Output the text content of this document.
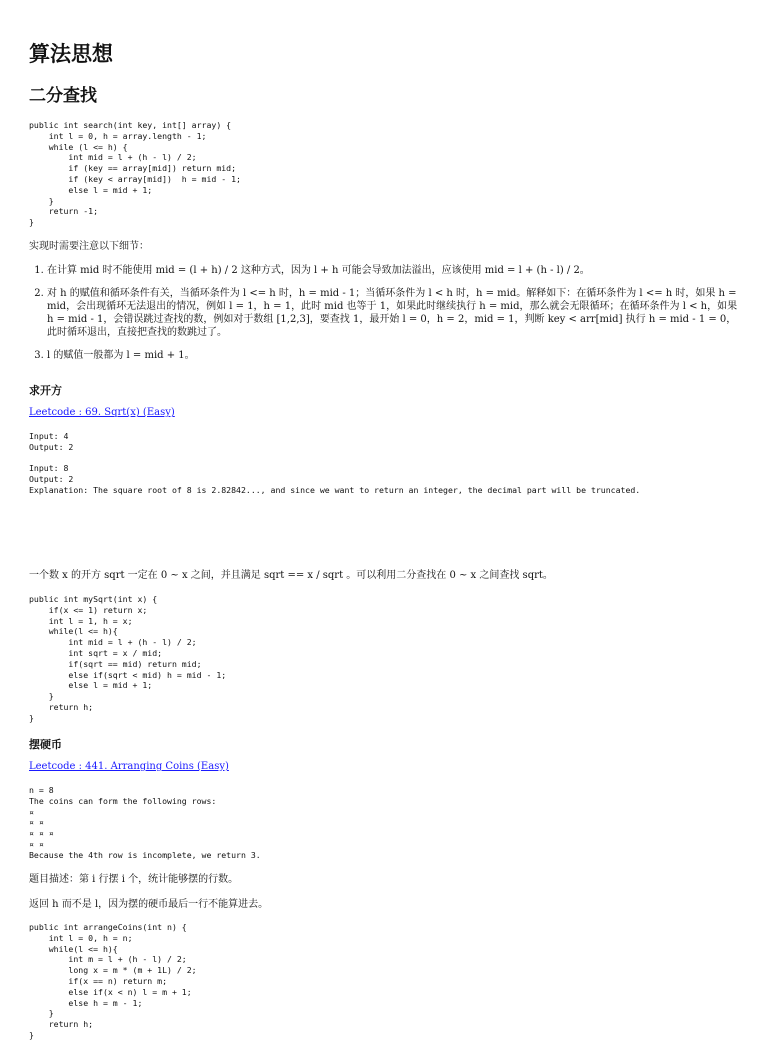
算法思想
二分查找
public int search(int key, int[] array) {
int l = 0, h = array.length - 1;
while (l <= h) {
int mid = l + (h - l) / 2;
if (key == array[mid]) return mid;
if (key < array[mid])  h = mid - 1;
else l = mid + 1;
}
return -1;
}

实现时需要注意以下细节：

1. 在计算 mid 时不能使用 mid = (l + h) / 2 这种方式，因为 l + h 可能会导致加法溢出，应该使用 mid = l + (h - l) / 2。
2. 对 h 的赋值和循环条件有关，当循环条件为 l <= h 时，h = mid - 1；当循环条件为 l < h 时，h = mid。解释如下：在循环条件为 l <= h 时，如果 h = mid，会出现循环无法退出的情况，例如 l = 1，h = 1，此时 mid 也等于 1，如果此时继续执行 h = mid，那么就会无限循环；在循环条件为 l < h，如果 h = mid - 1，会错误跳过查找的数，例如对于数组 [1,2,3]，要查找 1，最开始 l = 0，h = 2，mid = 1，判断 key < arr[mid] 执行 h = mid - 1 = 0，此时循环退出，直接把查找的数跳过了。
3. l 的赋值一般都为 l = mid + 1。
求开方
Leetcode : 69. Sqrt(x) (Easy)
Input: 4
Output: 2

Input: 8
Output: 2
Explanation: The square root of 8 is 2.82842..., and since we want to return an integer, the decimal part will be truncated.

一个数 x 的开方 sqrt 一定在 0 ~ x 之间，并且满足 sqrt == x / sqrt 。可以利用二分查找在 0 ~ x 之间查找 sqrt。

public int mySqrt(int x) {
if(x <= 1) return x;
int l = 1, h = x;
while(l <= h){
int mid = l + (h - l) / 2;
int sqrt = x / mid;
if(sqrt == mid) return mid;
else if(sqrt < mid) h = mid - 1;
else l = mid + 1;
}
return h;
}
摆硬币
Leetcode : 441. Arranging Coins (Easy)
n = 8
The coins can form the following rows:
¤
¤ ¤
¤ ¤ ¤
¤ ¤
Because the 4th row is incomplete, we return 3.

题目描述：第 i 行摆 i 个，统计能够摆的行数。

返回 h 而不是 l，因为摆的硬币最后一行不能算进去。

public int arrangeCoins(int n) {
int l = 0, h = n;
while(l <= h){
int m = l + (h - l) / 2;
long x = m * (m + 1L) / 2;
if(x == n) return m;
else if(x < n) l = m + 1;
else h = m - 1;
}
return h;
}
